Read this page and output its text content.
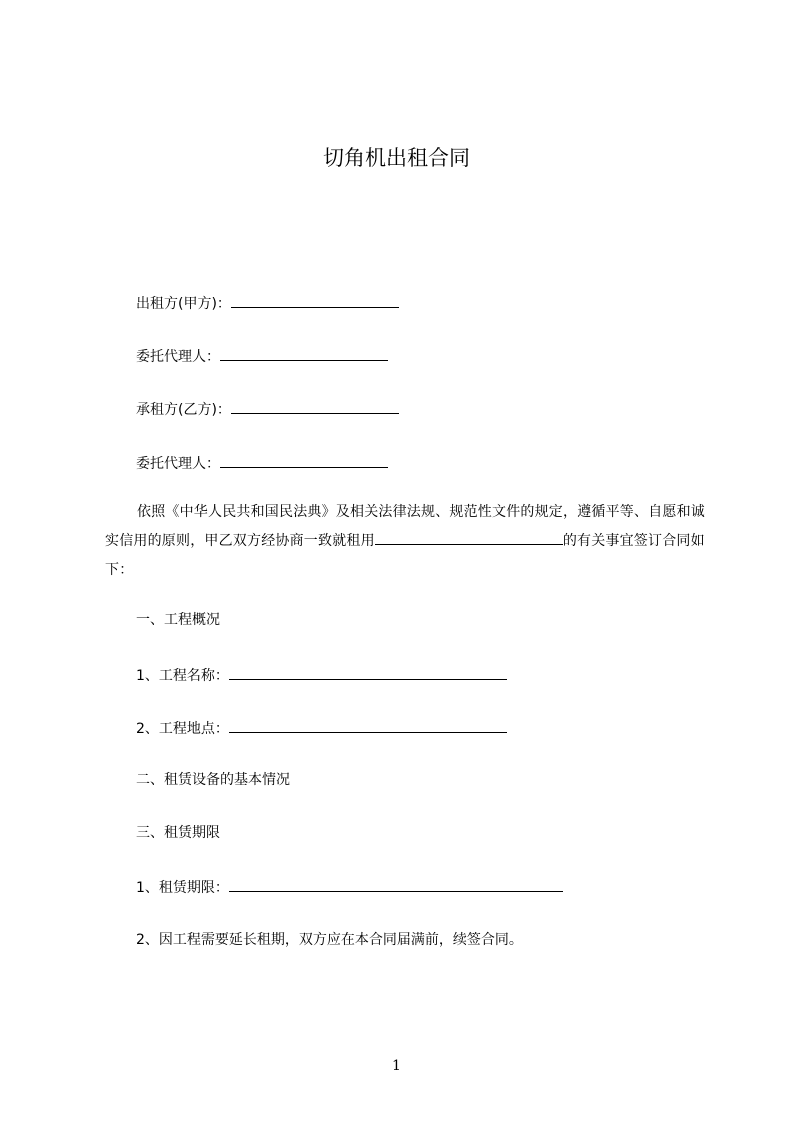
切角机出租合同
出租方(甲方)：
委托代理人：
承租方(乙方)：
委托代理人：

依照《中华人民共和国民法典》及相关法律法规、规范性文件的规定，遵循平等、自愿和诚实信用的原则，甲乙双方经协商一致就租用	的有关事宜签订合同如下：

一、工程概况
1、工程名称：
2、工程地点：
二、租赁设备的基本情况
三、租赁期限
1、租赁期限：
2、因工程需要延长租期，双方应在本合同届满前，续签合同。
1
